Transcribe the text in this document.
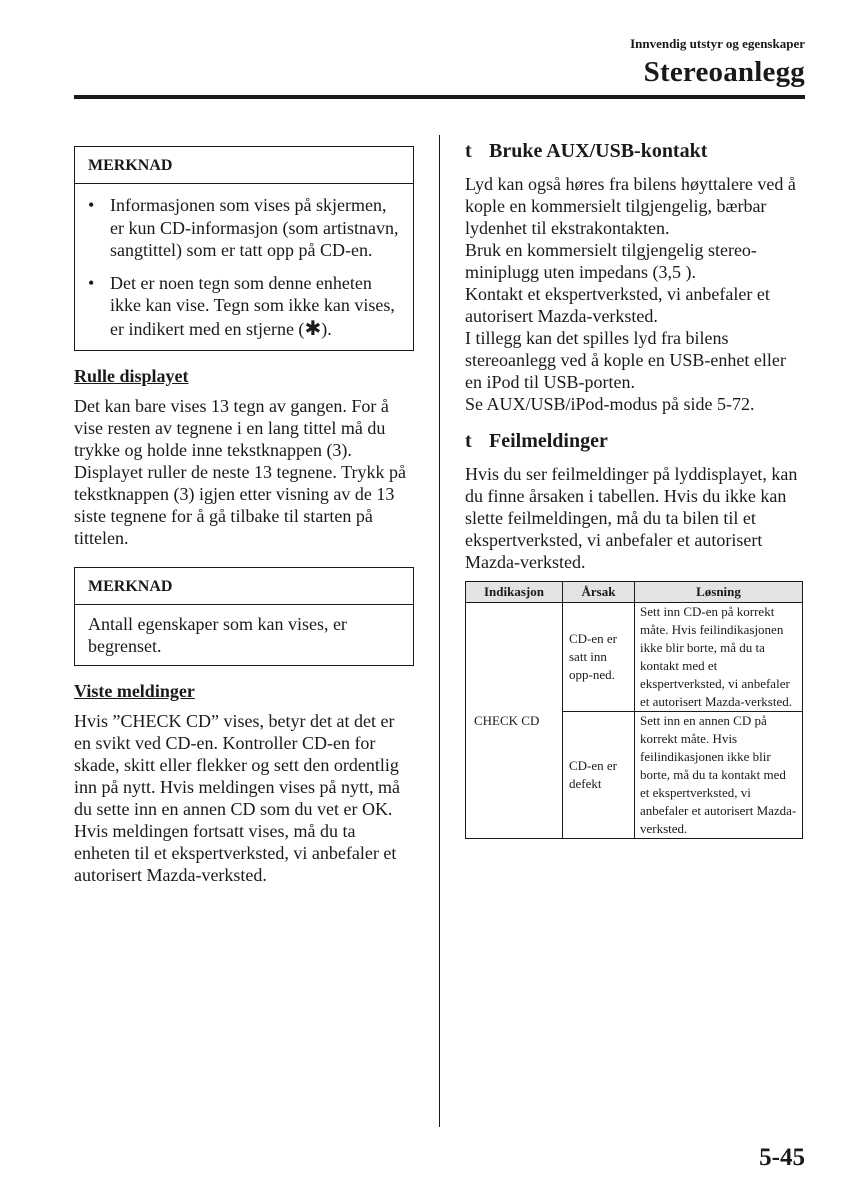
Innvendig utstyr og egenskaper
Stereoanlegg
MERKNAD
• Informasjonen som vises på skjermen, er kun CD-informasjon (som artistnavn, sangtittel) som er tatt opp på CD-en.
• Det er noen tegn som denne enheten ikke kan vise. Tegn som ikke kan vises, er indikert med en stjerne (✱).
Rulle displayet

Det kan bare vises 13 tegn av gangen. For å vise resten av tegnene i en lang tittel må du trykke og holde inne tekstknappen (3). Displayet ruller de neste 13 tegnene. Trykk på tekstknappen (3) igjen etter visning av de 13 siste tegnene for å gå tilbake til starten på tittelen.

MERKNAD
Antall egenskaper som kan vises, er begrenset.
Viste meldinger

Hvis ”CHECK CD” vises, betyr det at det er en svikt ved CD-en. Kontroller CD-en for skade, skitt eller flekker og sett den ordentlig inn på nytt. Hvis meldingen vises på nytt, må du sette inn en annen CD som du vet er OK. Hvis meldingen fortsatt vises, må du ta enheten til et ekspertverksted, vi anbefaler et autorisert Mazda-verksted.

t Bruke AUX/USB-kontakt

Lyd kan også høres fra bilens høyttalere ved å kople en kommersielt tilgjengelig, bærbar lydenhet til ekstrakontakten.
Bruk en kommersielt tilgjengelig stereo-miniplugg uten impedans (3,5 ).
Kontakt et ekspertverksted, vi anbefaler et autorisert Mazda-verksted.
I tillegg kan det spilles lyd fra bilens stereoanlegg ved å kople en USB-enhet eller en iPod til USB-porten.
Se AUX/USB/iPod-modus på side 5-72.

t Feilmeldinger

Hvis du ser feilmeldinger på lyddisplayet, kan du finne årsaken i tabellen. Hvis du ikke kan slette feilmeldingen, må du ta bilen til et ekspertverksted, vi anbefaler et autorisert Mazda-verksted.

Indikasjon	Årsak	Løsning
CHECK CD	CD-en er satt inn opp-ned.	Sett inn CD-en på korrekt måte. Hvis feilindikasjonen ikke blir borte, må du ta kontakt med et ekspertverksted, vi anbefaler et autorisert Mazda-verksted.
	CD-en er defekt	Sett inn en annen CD på korrekt måte. Hvis feilindikasjonen ikke blir borte, må du ta kontakt med et ekspertverksted, vi anbefaler et autorisert Mazda-verksted.
5-45
